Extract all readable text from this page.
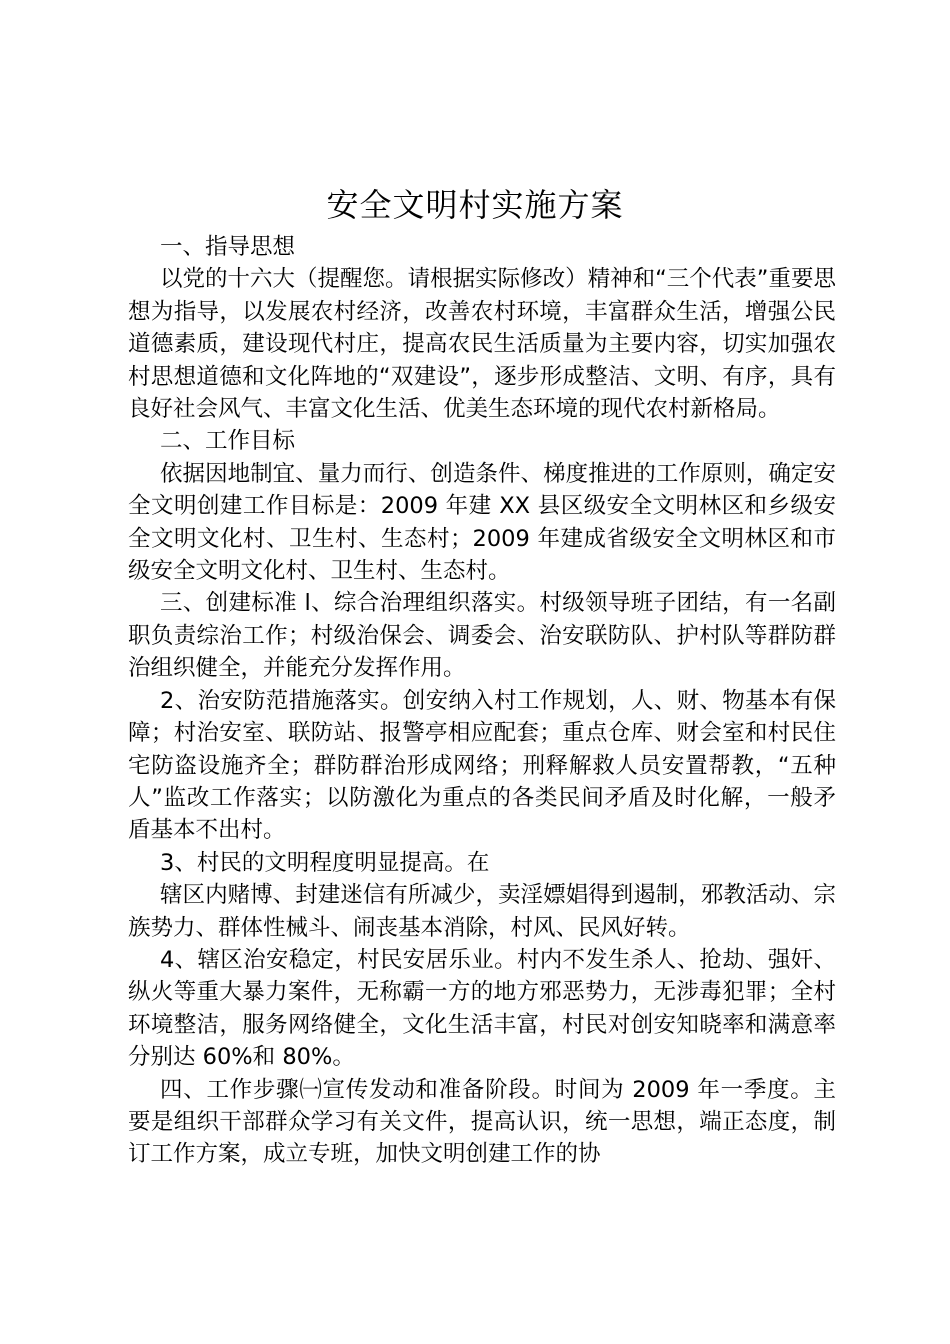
安全文明村实施方案

一、指导思想

以党的十六大（提醒您。请根据实际修改）精神和“三个代表”重要思想为指导，以发展农村经济，改善农村环境，丰富群众生活，增强公民道德素质，建设现代村庄，提高农民生活质量为主要内容，切实加强农村思想道德和文化阵地的“双建设”，逐步形成整洁、文明、有序，具有良好社会风气、丰富文化生活、优美生态环境的现代农村新格局。

二、工作目标

依据因地制宜、量力而行、创造条件、梯度推进的工作原则，确定安全文明创建工作目标是：2009 年建 XX 县区级安全文明林区和乡级安全文明文化村、卫生村、生态村；2009 年建成省级安全文明林区和市级安全文明文化村、卫生村、生态村。

三、创建标准 l、综合治理组织落实。村级领导班子团结，有一名副职负责综治工作；村级治保会、调委会、治安联防队、护村队等群防群治组织健全，并能充分发挥作用。

2、治安防范措施落实。创安纳入村工作规划，人、财、物基本有保障；村治安室、联防站、报警亭相应配套；重点仓库、财会室和村民住宅防盗设施齐全；群防群治形成网络；刑释解救人员安置帮教，“五种人”监改工作落实；以防激化为重点的各类民间矛盾及时化解，一般矛盾基本不出村。

3、村民的文明程度明显提高。在

辖区内赌博、封建迷信有所减少，卖淫嫖娼得到遏制，邪教活动、宗族势力、群体性械斗、闹丧基本消除，村风、民风好转。

4、辖区治安稳定，村民安居乐业。村内不发生杀人、抢劫、强奸、纵火等重大暴力案件，无称霸一方的地方邪恶势力，无涉毒犯罪；全村环境整洁，服务网络健全，文化生活丰富，村民对创安知晓率和满意率分别达 60%和 80%。

四、工作步骤㈠宣传发动和准备阶段。时间为 2009 年一季度。主要是组织干部群众学习有关文件，提高认识，统一思想，端正态度，制订工作方案，成立专班，加快文明创建工作的协
